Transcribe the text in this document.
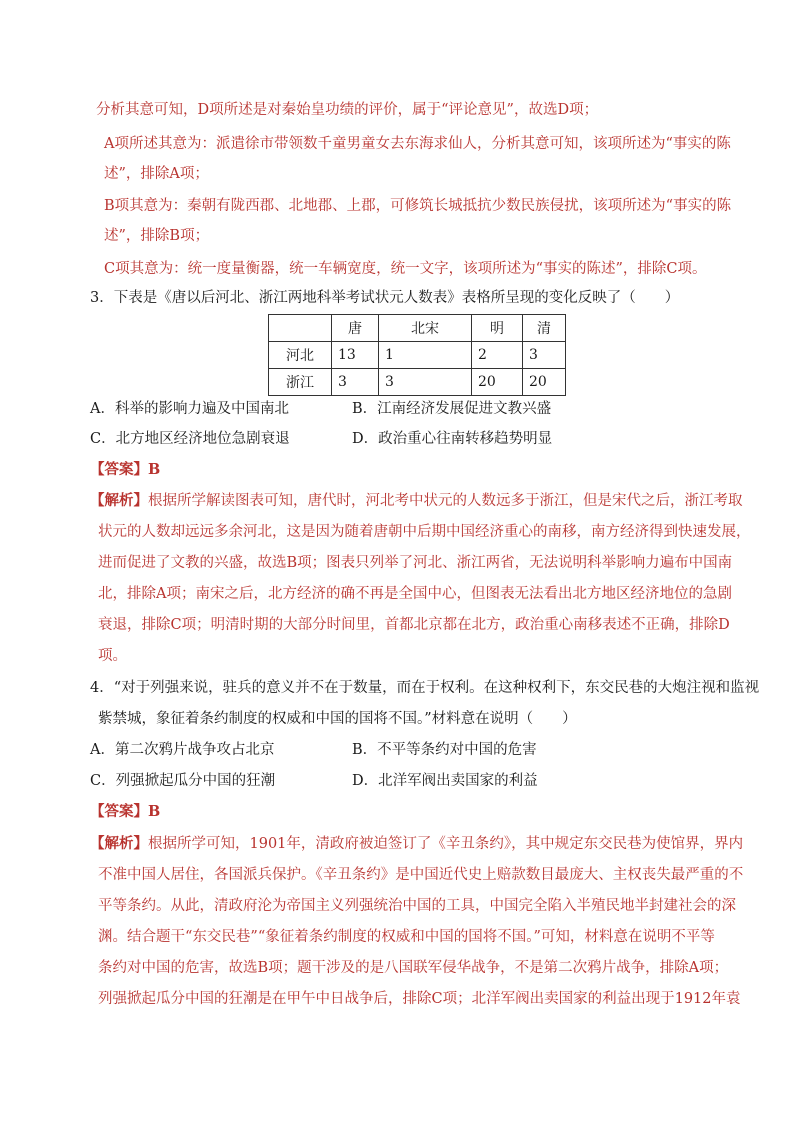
分析其意可知，D项所述是对秦始皇功绩的评价，属于“评论意见”，故选D项；
A项所述其意为：派遣徐市带领数千童男童女去东海求仙人，分析其意可知，该项所述为“事实的陈
述”，排除A项；
B项其意为：秦朝有陇西郡、北地郡、上郡，可修筑长城抵抗少数民族侵扰，该项所述为“事实的陈
述”，排除B项；
C项其意为：统一度量衡器，统一车辆宽度，统一文字，该项所述为“事实的陈述”，排除C项。
3．下表是《唐以后河北、浙江两地科举考试状元人数表》表格所呈现的变化反映了（　　）
	唐	北宋	明	清
河北	13	1	2	3
浙江	3	3	20	20
A．科举的影响力遍及中国南北	B．江南经济发展促进文教兴盛
C．北方地区经济地位急剧衰退	D．政治重心往南转移趋势明显
【答案】B
【解析】根据所学解读图表可知，唐代时，河北考中状元的人数远多于浙江，但是宋代之后，浙江考取
状元的人数却远远多余河北，这是因为随着唐朝中后期中国经济重心的南移，南方经济得到快速发展，
进而促进了文教的兴盛，故选B项；图表只列举了河北、浙江两省，无法说明科举影响力遍布中国南
北，排除A项；南宋之后，北方经济的确不再是全国中心，但图表无法看出北方地区经济地位的急剧
衰退，排除C项；明清时期的大部分时间里，首都北京都在北方，政治重心南移表述不正确，排除D
项。
4．“对于列强来说，驻兵的意义并不在于数量，而在于权利。在这种权利下，东交民巷的大炮注视和监视
紫禁城，象征着条约制度的权威和中国的国将不国。”材料意在说明（　　）
A．第二次鸦片战争攻占北京	B．不平等条约对中国的危害
C．列强掀起瓜分中国的狂潮	D．北洋军阀出卖国家的利益
【答案】B
【解析】根据所学可知，1901年，清政府被迫签订了《辛丑条约》，其中规定东交民巷为使馆界，界内
不准中国人居住，各国派兵保护。《辛丑条约》是中国近代史上赔款数目最庞大、主权丧失最严重的不
平等条约。从此，清政府沦为帝国主义列强统治中国的工具，中国完全陷入半殖民地半封建社会的深
渊。结合题干“东交民巷”“象征着条约制度的权威和中国的国将不国。”可知，材料意在说明不平等
条约对中国的危害，故选B项；题干涉及的是八国联军侵华战争，不是第二次鸦片战争，排除A项；
列强掀起瓜分中国的狂潮是在甲午中日战争后，排除C项；北洋军阀出卖国家的利益出现于1912年袁
